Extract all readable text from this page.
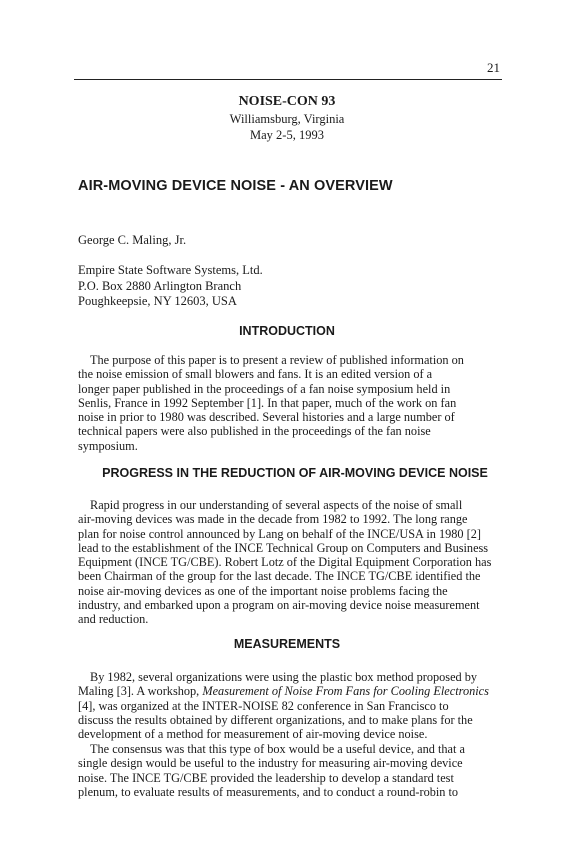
21
NOISE-CON 93
Williamsburg, Virginia
May 2-5, 1993
AIR-MOVING DEVICE NOISE - AN OVERVIEW
George C. Maling, Jr.
Empire State Software Systems, Ltd.
P.O. Box 2880 Arlington Branch
Poughkeepsie, NY 12603, USA
INTRODUCTION
The purpose of this paper is to present a review of published information on
the noise emission of small blowers and fans. It is an edited version of a
longer paper published in the proceedings of a fan noise symposium held in
Senlis, France in 1992 September [1]. In that paper, much of the work on fan
noise in prior to 1980 was described. Several histories and a large number of
technical papers were also published in the proceedings of the fan noise
symposium.
PROGRESS IN THE REDUCTION OF AIR-MOVING DEVICE NOISE
Rapid progress in our understanding of several aspects of the noise of small
air-moving devices was made in the decade from 1982 to 1992. The long range
plan for noise control announced by Lang on behalf of the INCE/USA in 1980 [2]
lead to the establishment of the INCE Technical Group on Computers and Business
Equipment (INCE TG/CBE). Robert Lotz of the Digital Equipment Corporation has
been Chairman of the group for the last decade. The INCE TG/CBE identified the
noise air-moving devices as one of the important noise problems facing the
industry, and embarked upon a program on air-moving device noise measurement
and reduction.
MEASUREMENTS
By 1982, several organizations were using the plastic box method proposed by
Maling [3]. A workshop, Measurement of Noise From Fans for Cooling Electronics
[4], was organized at the INTER-NOISE 82 conference in San Francisco to
discuss the results obtained by different organizations, and to make plans for the
development of a method for measurement of air-moving device noise.
The consensus was that this type of box would be a useful device, and that a
single design would be useful to the industry for measuring air-moving device
noise. The INCE TG/CBE provided the leadership to develop a standard test
plenum, to evaluate results of measurements, and to conduct a round-robin to
